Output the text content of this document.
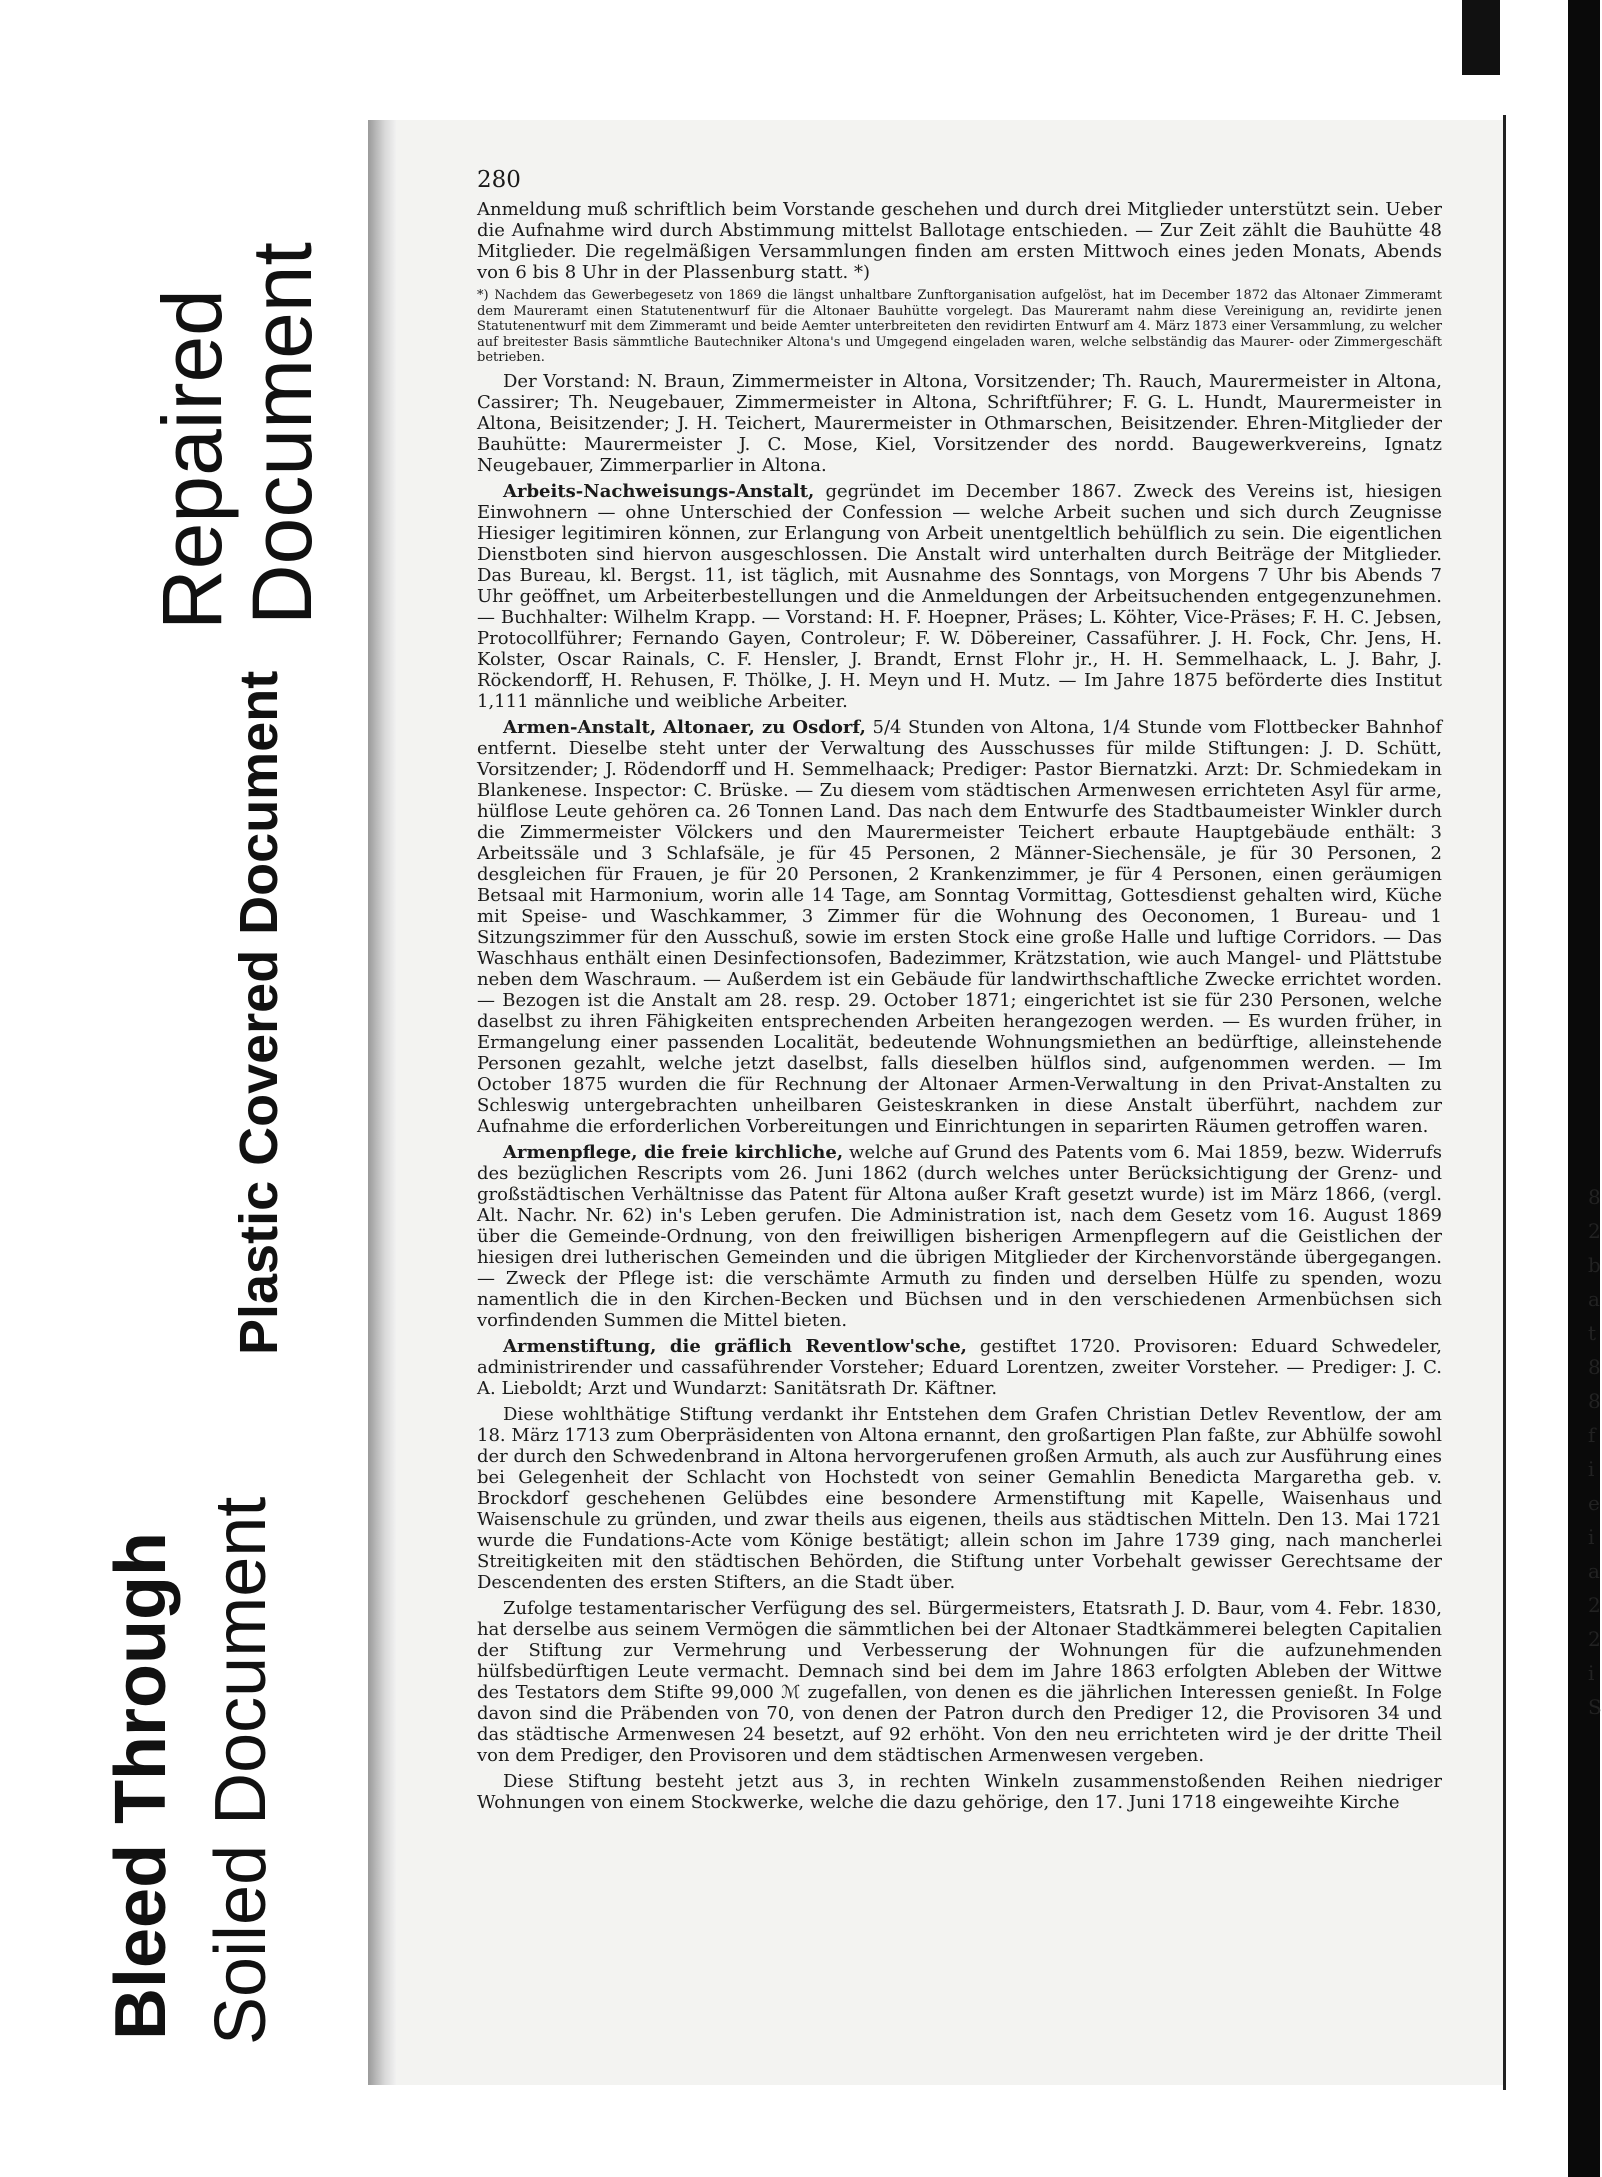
Bleed Through Soiled Document
Plastic Covered Document
Repaired
Document
8 2 b a t 8 8 f i e i a 2 2 i S
280

Anmeldung muß schriftlich beim Vorstande geschehen und durch drei Mitglieder unterstützt sein. Ueber die Aufnahme wird durch Abstimmung mittelst Ballotage entschieden. — Zur Zeit zählt die Bauhütte 48 Mitglieder. Die regelmäßigen Versammlungen finden am ersten Mittwoch eines jeden Monats, Abends von 6 bis 8 Uhr in der Plassenburg statt. *)

*) Nachdem das Gewerbegesetz von 1869 die längst unhaltbare Zunftorganisation aufgelöst, hat im December 1872 das Altonaer Zimmeramt dem Maureramt einen Statutenentwurf für die Altonaer Bauhütte vorgelegt. Das Maureramt nahm diese Vereinigung an, revidirte jenen Statutenentwurf mit dem Zimmeramt und beide Aemter unterbreiteten den revidirten Entwurf am 4. März 1873 einer Versammlung, zu welcher auf breitester Basis sämmtliche Bautechniker Altona's und Umgegend eingeladen waren, welche selbständig das Maurer- oder Zimmergeschäft betrieben.

Der Vorstand: N. Braun, Zimmermeister in Altona, Vorsitzender; Th. Rauch, Maurermeister in Altona, Cassirer; Th. Neugebauer, Zimmermeister in Altona, Schriftführer; F. G. L. Hundt, Maurermeister in Altona, Beisitzender; J. H. Teichert, Maurermeister in Othmarschen, Beisitzender. Ehren-Mitglieder der Bauhütte: Maurermeister J. C. Mose, Kiel, Vorsitzender des nordd. Baugewerkvereins, Ignatz Neugebauer, Zimmerparlier in Altona.

Arbeits-Nachweisungs-Anstalt, gegründet im December 1867. Zweck des Vereins ist, hiesigen Einwohnern — ohne Unterschied der Confession — welche Arbeit suchen und sich durch Zeugnisse Hiesiger legitimiren können, zur Erlangung von Arbeit unentgeltlich behülflich zu sein. Die eigentlichen Dienstboten sind hiervon ausgeschlossen. Die Anstalt wird unterhalten durch Beiträge der Mitglieder. Das Bureau, kl. Bergst. 11, ist täglich, mit Ausnahme des Sonntags, von Morgens 7 Uhr bis Abends 7 Uhr geöffnet, um Arbeiterbestellungen und die Anmeldungen der Arbeitsuchenden entgegenzunehmen. — Buchhalter: Wilhelm Krapp. — Vorstand: H. F. Hoepner, Präses; L. Köhter, Vice-Präses; F. H. C. Jebsen, Protocollführer; Fernando Gayen, Controleur; F. W. Döbereiner, Cassaführer. J. H. Fock, Chr. Jens, H. Kolster, Oscar Rainals, C. F. Hensler, J. Brandt, Ernst Flohr jr., H. H. Semmelhaack, L. J. Bahr, J. Röckendorff, H. Rehusen, F. Thölke, J. H. Meyn und H. Mutz. — Im Jahre 1875 beförderte dies Institut 1,111 männliche und weibliche Arbeiter.

Armen-Anstalt, Altonaer, zu Osdorf, 5/4 Stunden von Altona, 1/4 Stunde vom Flottbecker Bahnhof entfernt. Dieselbe steht unter der Verwaltung des Ausschusses für milde Stiftungen: J. D. Schütt, Vorsitzender; J. Rödendorff und H. Semmelhaack; Prediger: Pastor Biernatzki. Arzt: Dr. Schmiedekam in Blankenese. Inspector: C. Brüske. — Zu diesem vom städtischen Armenwesen errichteten Asyl für arme, hülflose Leute gehören ca. 26 Tonnen Land. Das nach dem Entwurfe des Stadtbaumeister Winkler durch die Zimmermeister Völckers und den Maurermeister Teichert erbaute Hauptgebäude enthält: 3 Arbeitssäle und 3 Schlafsäle, je für 45 Personen, 2 Männer-Siechensäle, je für 30 Personen, 2 desgleichen für Frauen, je für 20 Personen, 2 Krankenzimmer, je für 4 Personen, einen geräumigen Betsaal mit Harmonium, worin alle 14 Tage, am Sonntag Vormittag, Gottesdienst gehalten wird, Küche mit Speise- und Waschkammer, 3 Zimmer für die Wohnung des Oeconomen, 1 Bureau- und 1 Sitzungszimmer für den Ausschuß, sowie im ersten Stock eine große Halle und luftige Corridors. — Das Waschhaus enthält einen Desinfectionsofen, Badezimmer, Krätzstation, wie auch Mangel- und Plättstube neben dem Waschraum. — Außerdem ist ein Gebäude für landwirthschaftliche Zwecke errichtet worden. — Bezogen ist die Anstalt am 28. resp. 29. October 1871; eingerichtet ist sie für 230 Personen, welche daselbst zu ihren Fähigkeiten entsprechenden Arbeiten herangezogen werden. — Es wurden früher, in Ermangelung einer passenden Localität, bedeutende Wohnungsmiethen an bedürftige, alleinstehende Personen gezahlt, welche jetzt daselbst, falls dieselben hülflos sind, aufgenommen werden. — Im October 1875 wurden die für Rechnung der Altonaer Armen-Verwaltung in den Privat-Anstalten zu Schleswig untergebrachten unheilbaren Geisteskranken in diese Anstalt überführt, nachdem zur Aufnahme die erforderlichen Vorbereitungen und Einrichtungen in separirten Räumen getroffen waren.

Armenpflege, die freie kirchliche, welche auf Grund des Patents vom 6. Mai 1859, bezw. Widerrufs des bezüglichen Rescripts vom 26. Juni 1862 (durch welches unter Berücksichtigung der Grenz- und großstädtischen Verhältnisse das Patent für Altona außer Kraft gesetzt wurde) ist im März 1866, (vergl. Alt. Nachr. Nr. 62) in's Leben gerufen. Die Administration ist, nach dem Gesetz vom 16. August 1869 über die Gemeinde-Ordnung, von den freiwilligen bisherigen Armenpflegern auf die Geistlichen der hiesigen drei lutherischen Gemeinden und die übrigen Mitglieder der Kirchenvorstände übergegangen. — Zweck der Pflege ist: die verschämte Armuth zu finden und derselben Hülfe zu spenden, wozu namentlich die in den Kirchen-Becken und Büchsen und in den verschiedenen Armenbüchsen sich vorfindenden Summen die Mittel bieten.

Armenstiftung, die gräflich Reventlow'sche, gestiftet 1720. Provisoren: Eduard Schwedeler, administrirender und cassaführender Vorsteher; Eduard Lorentzen, zweiter Vorsteher. — Prediger: J. C. A. Lieboldt; Arzt und Wundarzt: Sanitätsrath Dr. Käftner.

Diese wohlthätige Stiftung verdankt ihr Entstehen dem Grafen Christian Detlev Reventlow, der am 18. März 1713 zum Oberpräsidenten von Altona ernannt, den großartigen Plan faßte, zur Abhülfe sowohl der durch den Schwedenbrand in Altona hervorgerufenen großen Armuth, als auch zur Ausführung eines bei Gelegenheit der Schlacht von Hochstedt von seiner Gemahlin Benedicta Margaretha geb. v. Brockdorf geschehenen Gelübdes eine besondere Armenstiftung mit Kapelle, Waisenhaus und Waisenschule zu gründen, und zwar theils aus eigenen, theils aus städtischen Mitteln. Den 13. Mai 1721 wurde die Fundations-Acte vom Könige bestätigt; allein schon im Jahre 1739 ging, nach mancherlei Streitigkeiten mit den städtischen Behörden, die Stiftung unter Vorbehalt gewisser Gerechtsame der Descendenten des ersten Stifters, an die Stadt über.

Zufolge testamentarischer Verfügung des sel. Bürgermeisters, Etatsrath J. D. Baur, vom 4. Febr. 1830, hat derselbe aus seinem Vermögen die sämmtlichen bei der Altonaer Stadtkämmerei belegten Capitalien der Stiftung zur Vermehrung und Verbesserung der Wohnungen für die aufzunehmenden hülfsbedürftigen Leute vermacht. Demnach sind bei dem im Jahre 1863 erfolgten Ableben der Wittwe des Testators dem Stifte 99,000 ℳ zugefallen, von denen es die jährlichen Interessen genießt. In Folge davon sind die Präbenden von 70, von denen der Patron durch den Prediger 12, die Provisoren 34 und das städtische Armenwesen 24 besetzt, auf 92 erhöht. Von den neu errichteten wird je der dritte Theil von dem Prediger, den Provisoren und dem städtischen Armenwesen vergeben.

Diese Stiftung besteht jetzt aus 3, in rechten Winkeln zusammenstoßenden Reihen niedriger Wohnungen von einem Stockwerke, welche die dazu gehörige, den 17. Juni 1718 eingeweihte Kirche
